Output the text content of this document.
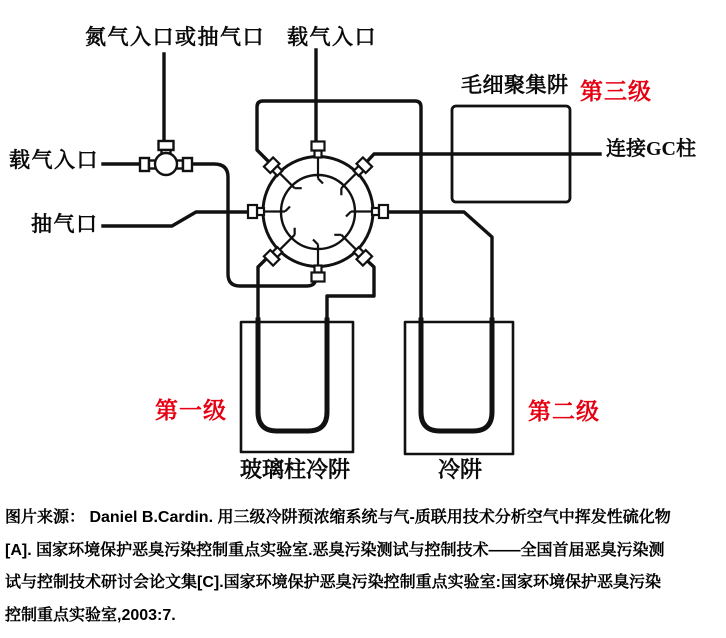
氮气入口或抽气口 载气入口
载气入口
抽气口
毛细聚集阱
连接GC柱
玻璃柱冷阱	冷阱
第三级
第一级	第二级
图片来源： Daniel B.Cardin. 用三级冷阱预浓缩系统与气-质联用技术分析空气中挥发性硫化物
[A]. 国家环境保护恶臭污染控制重点实验室.恶臭污染测试与控制技术——全国首届恶臭污染测
试与控制技术研讨会论文集[C].国家环境保护恶臭污染控制重点实验室:国家环境保护恶臭污染
控制重点实验室,2003:7.
